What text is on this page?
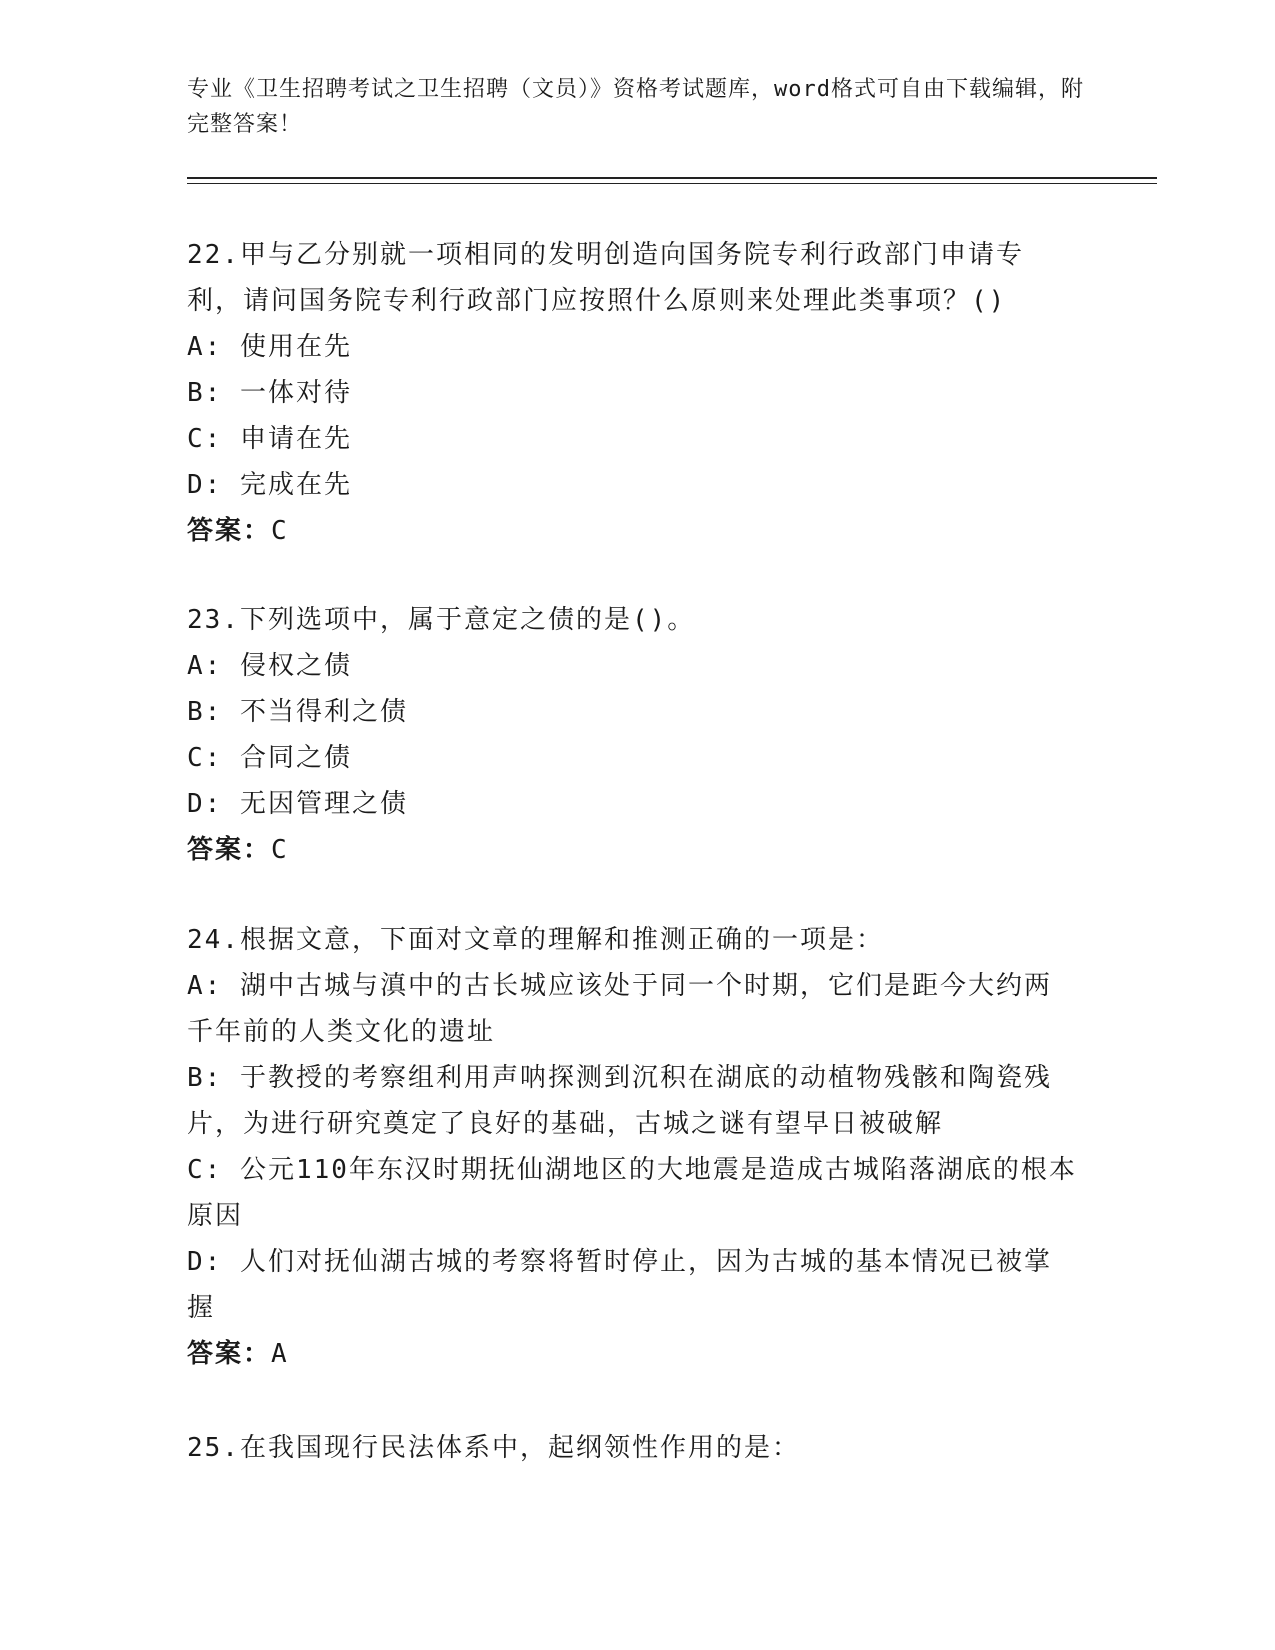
专业《卫生招聘考试之卫生招聘（文员）》资格考试题库，word格式可自由下载编辑，附完整答案！
22.甲与乙分别就一项相同的发明创造向国务院专利行政部门申请专利，请问国务院专利行政部门应按照什么原则来处理此类事项？()
A: 使用在先
B: 一体对待
C: 申请在先
D: 完成在先
答案：C
23.下列选项中，属于意定之债的是()。
A: 侵权之债
B: 不当得利之债
C: 合同之债
D: 无因管理之债
答案：C
24.根据文意，下面对文章的理解和推测正确的一项是：
A: 湖中古城与滇中的古长城应该处于同一个时期，它们是距今大约两千年前的人类文化的遗址
B: 于教授的考察组利用声呐探测到沉积在湖底的动植物残骸和陶瓷残片，为进行研究奠定了良好的基础，古城之谜有望早日被破解
C: 公元110年东汉时期抚仙湖地区的大地震是造成古城陷落湖底的根本原因
D: 人们对抚仙湖古城的考察将暂时停止，因为古城的基本情况已被掌握
答案：A
25.在我国现行民法体系中，起纲领性作用的是：
